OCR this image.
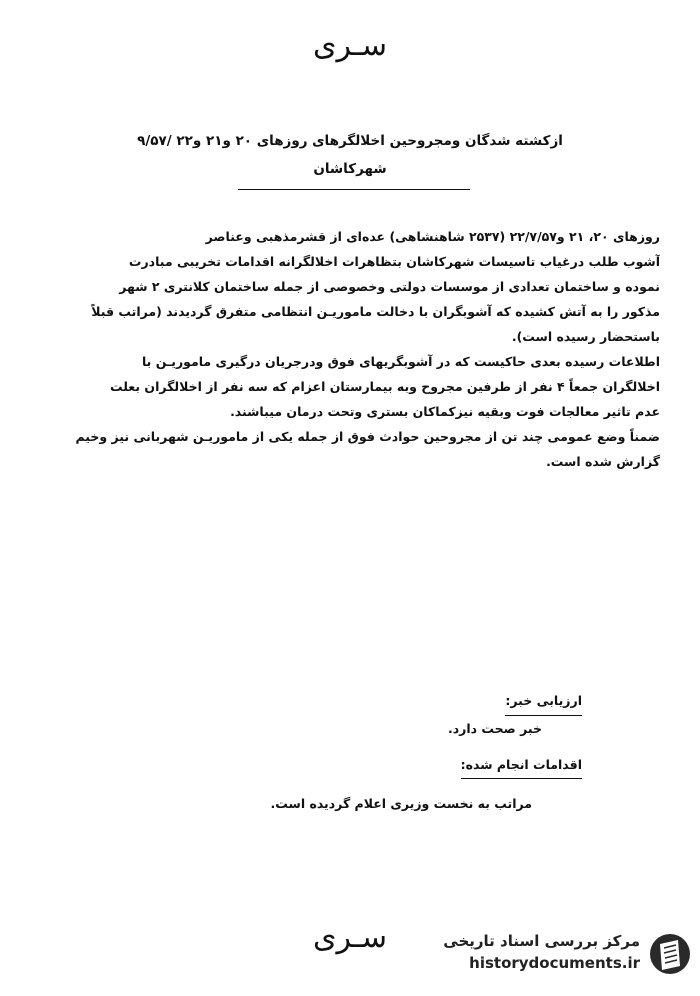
سـری
ازکشته شدگان ومجروحین اخلالگرهای روزهای ۲۰ و۲۱ و۲۲ /۹/۵۷
شهرکاشان
روزهای ۲۰، ۲۱ و۲۲/۷/۵۷ (۲۵۳۷ شاهنشاهی) عده‌ای از قشرمذهبی وعناصر
آشوب طلب درغیاب تاسیسات شهرکاشان بتظاهرات اخلالگرانه اقدامات تخریبی مبادرت
نموده و ساختمان تعدادی از موسسات دولتی وخصوصی از جمله ساختمان کلانتری ۲ شهر
مذکور را به آتش کشیده که آشوبگران با دخالت ماموریـن انتظامی متفرق گردیدند (مراتب قبلاً
باستحضار رسیده است).
اطلاعات رسیده بعدی حاکیست که در آشوبگریهای فوق ودرجریان درگیری ماموریـن با
اخلالگران جمعاً ۴ نفر از طرفین مجروح وبه بیمارستان اعزام که سه نفر از اخلالگران بعلت
عدم تاثیر معالجات فوت وبقیه نیزکماکان بستری وتحت درمان میباشند.
ضمناً وضع عمومی چند تن از مجروحین حوادث فوق از جمله یکی از ماموریـن شهربانی نیز وخیم
گزارش شده است.
ارزیابی خبر:
خبر صحت دارد.
اقدامات انجام شده:
مراتب به نخست وزیری اعلام گردیده است.
سـری	مرکز بررسی اسناد تاریخی
historydocuments.ir
